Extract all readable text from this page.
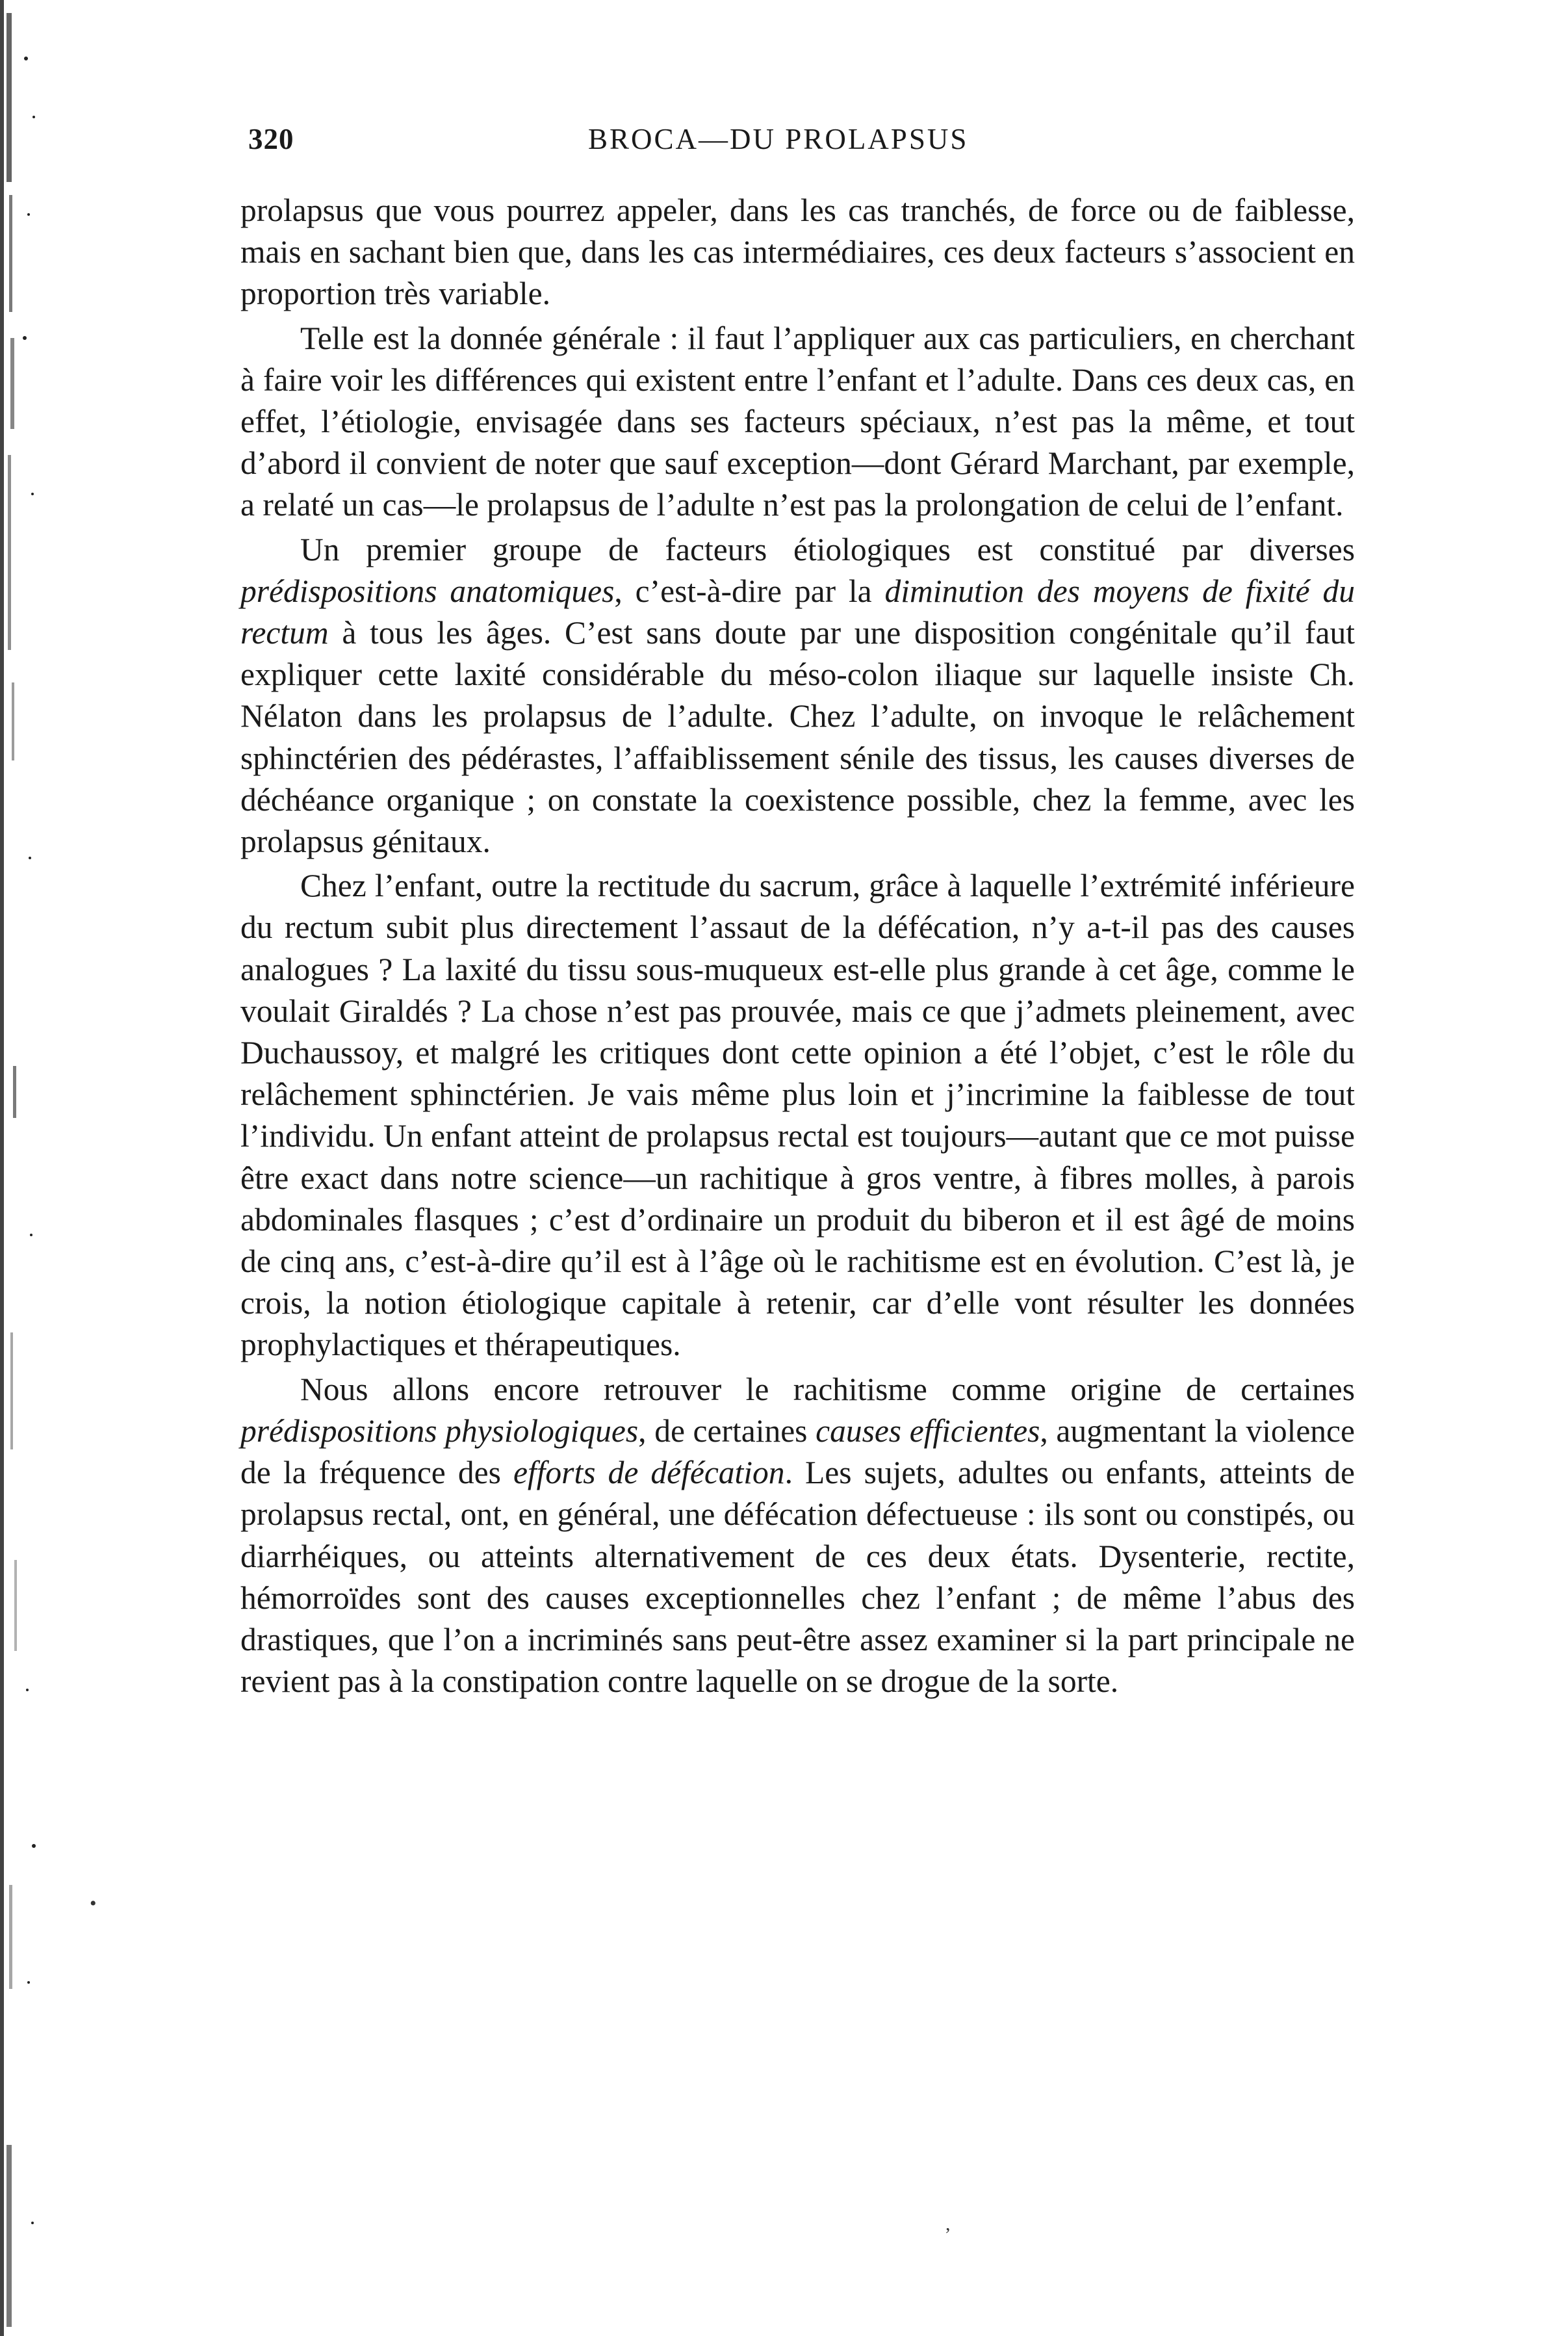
320	BROCA—DU PROLAPSUS

prolapsus que vous pourrez appeler, dans les cas tranchés, de force ou de faiblesse, mais en sachant bien que, dans les cas intermédiaires, ces deux facteurs s’associent en proportion très variable.

Telle est la donnée générale : il faut l’appliquer aux cas particuliers, en cherchant à faire voir les différences qui existent entre l’enfant et l’adulte. Dans ces deux cas, en effet, l’étiologie, envisagée dans ses facteurs spéciaux, n’est pas la même, et tout d’abord il convient de noter que sauf exception—dont Gérard Marchant, par exemple, a relaté un cas—le prolapsus de l’adulte n’est pas la prolongation de celui de l’enfant.

Un premier groupe de facteurs étiologiques est constitué par diverses prédispositions anatomiques, c’est-à-dire par la diminution des moyens de fixité du rectum à tous les âges. C’est sans doute par une disposition congénitale qu’il faut expliquer cette laxité considérable du méso-colon iliaque sur laquelle insiste Ch. Nélaton dans les prolapsus de l’adulte. Chez l’adulte, on invoque le relâchement sphinctérien des pédérastes, l’affaiblissement sénile des tissus, les causes diverses de déchéance organique ; on constate la coexistence possible, chez la femme, avec les prolapsus génitaux.

Chez l’enfant, outre la rectitude du sacrum, grâce à laquelle l’extrémité inférieure du rectum subit plus directement l’assaut de la défécation, n’y a-t-il pas des causes analogues ? La laxité du tissu sous-muqueux est-elle plus grande à cet âge, comme le voulait Giraldés ? La chose n’est pas prouvée, mais ce que j’admets pleinement, avec Duchaussoy, et malgré les critiques dont cette opinion a été l’objet, c’est le rôle du relâchement sphinctérien. Je vais même plus loin et j’incrimine la faiblesse de tout l’individu. Un enfant atteint de prolapsus rectal est toujours—autant que ce mot puisse être exact dans notre science—un rachitique à gros ventre, à fibres molles, à parois abdominales flasques ; c’est d’ordinaire un produit du biberon et il est âgé de moins de cinq ans, c’est-à-dire qu’il est à l’âge où le rachitisme est en évolution. C’est là, je crois, la notion étiologique capitale à retenir, car d’elle vont résulter les données prophylactiques et thérapeutiques.

Nous allons encore retrouver le rachitisme comme origine de certaines prédispositions physiologiques, de certaines causes efficientes, augmentant la violence de la fréquence des efforts de défécation. Les sujets, adultes ou enfants, atteints de prolapsus rectal, ont, en général, une défécation défectueuse : ils sont ou constipés, ou diarrhéiques, ou atteints alternativement de ces deux états. Dysenterie, rectite, hémorroïdes sont des causes exceptionnelles chez l’enfant ; de même l’abus des drastiques, que l’on a incriminés sans peut-être assez examiner si la part principale ne revient pas à la constipation contre laquelle on se drogue de la sorte.

•
,
